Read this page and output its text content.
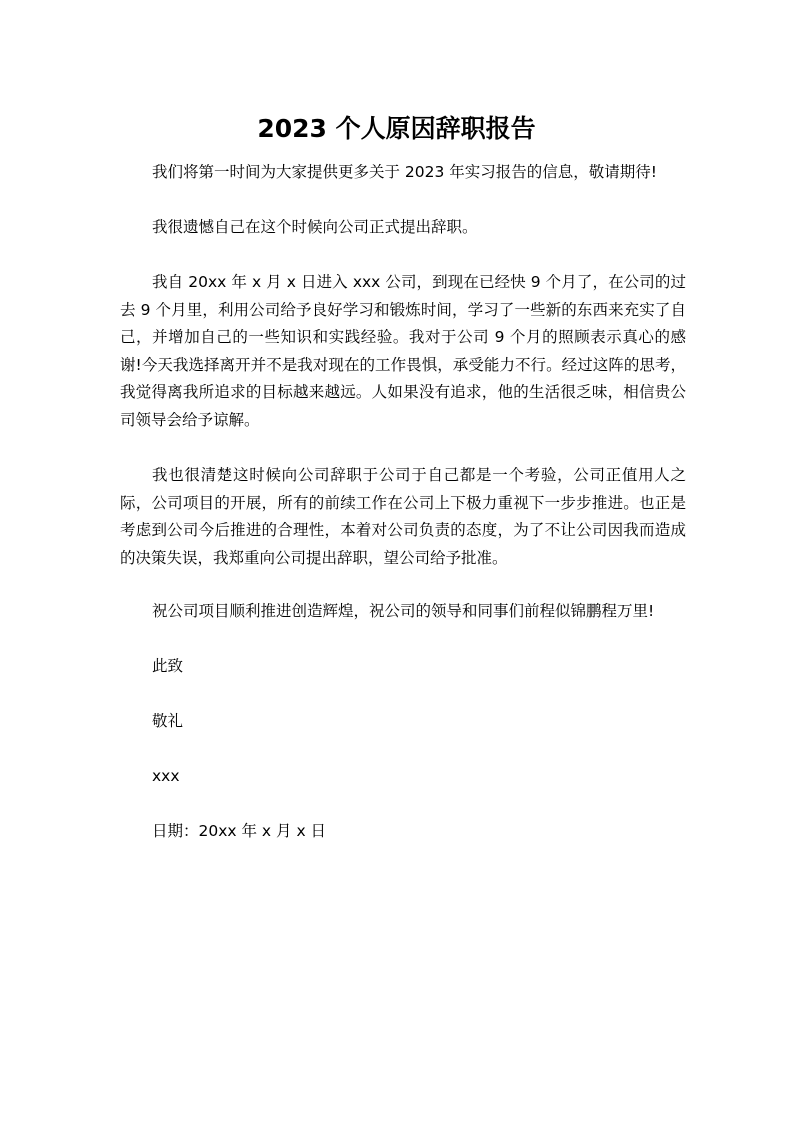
2023 个人原因辞职报告

我们将第一时间为大家提供更多关于 2023 年实习报告的信息，敬请期待!

我很遗憾自己在这个时候向公司正式提出辞职。

我自 20xx 年 x 月 x 日进入 xxx 公司，到现在已经快 9 个月了，在公司的过去 9 个月里，利用公司给予良好学习和锻炼时间，学习了一些新的东西来充实了自己，并增加自己的一些知识和实践经验。我对于公司 9 个月的照顾表示真心的感谢!今天我选择离开并不是我对现在的工作畏惧，承受能力不行。经过这阵的思考，我觉得离我所追求的目标越来越远。人如果没有追求，他的生活很乏味，相信贵公司领导会给予谅解。

我也很清楚这时候向公司辞职于公司于自己都是一个考验，公司正值用人之际，公司项目的开展，所有的前续工作在公司上下极力重视下一步步推进。也正是考虑到公司今后推进的合理性，本着对公司负责的态度，为了不让公司因我而造成的决策失误，我郑重向公司提出辞职，望公司给予批准。

祝公司项目顺利推进创造辉煌，祝公司的领导和同事们前程似锦鹏程万里!

此致

敬礼

xxx

日期：20xx 年 x 月 x 日
